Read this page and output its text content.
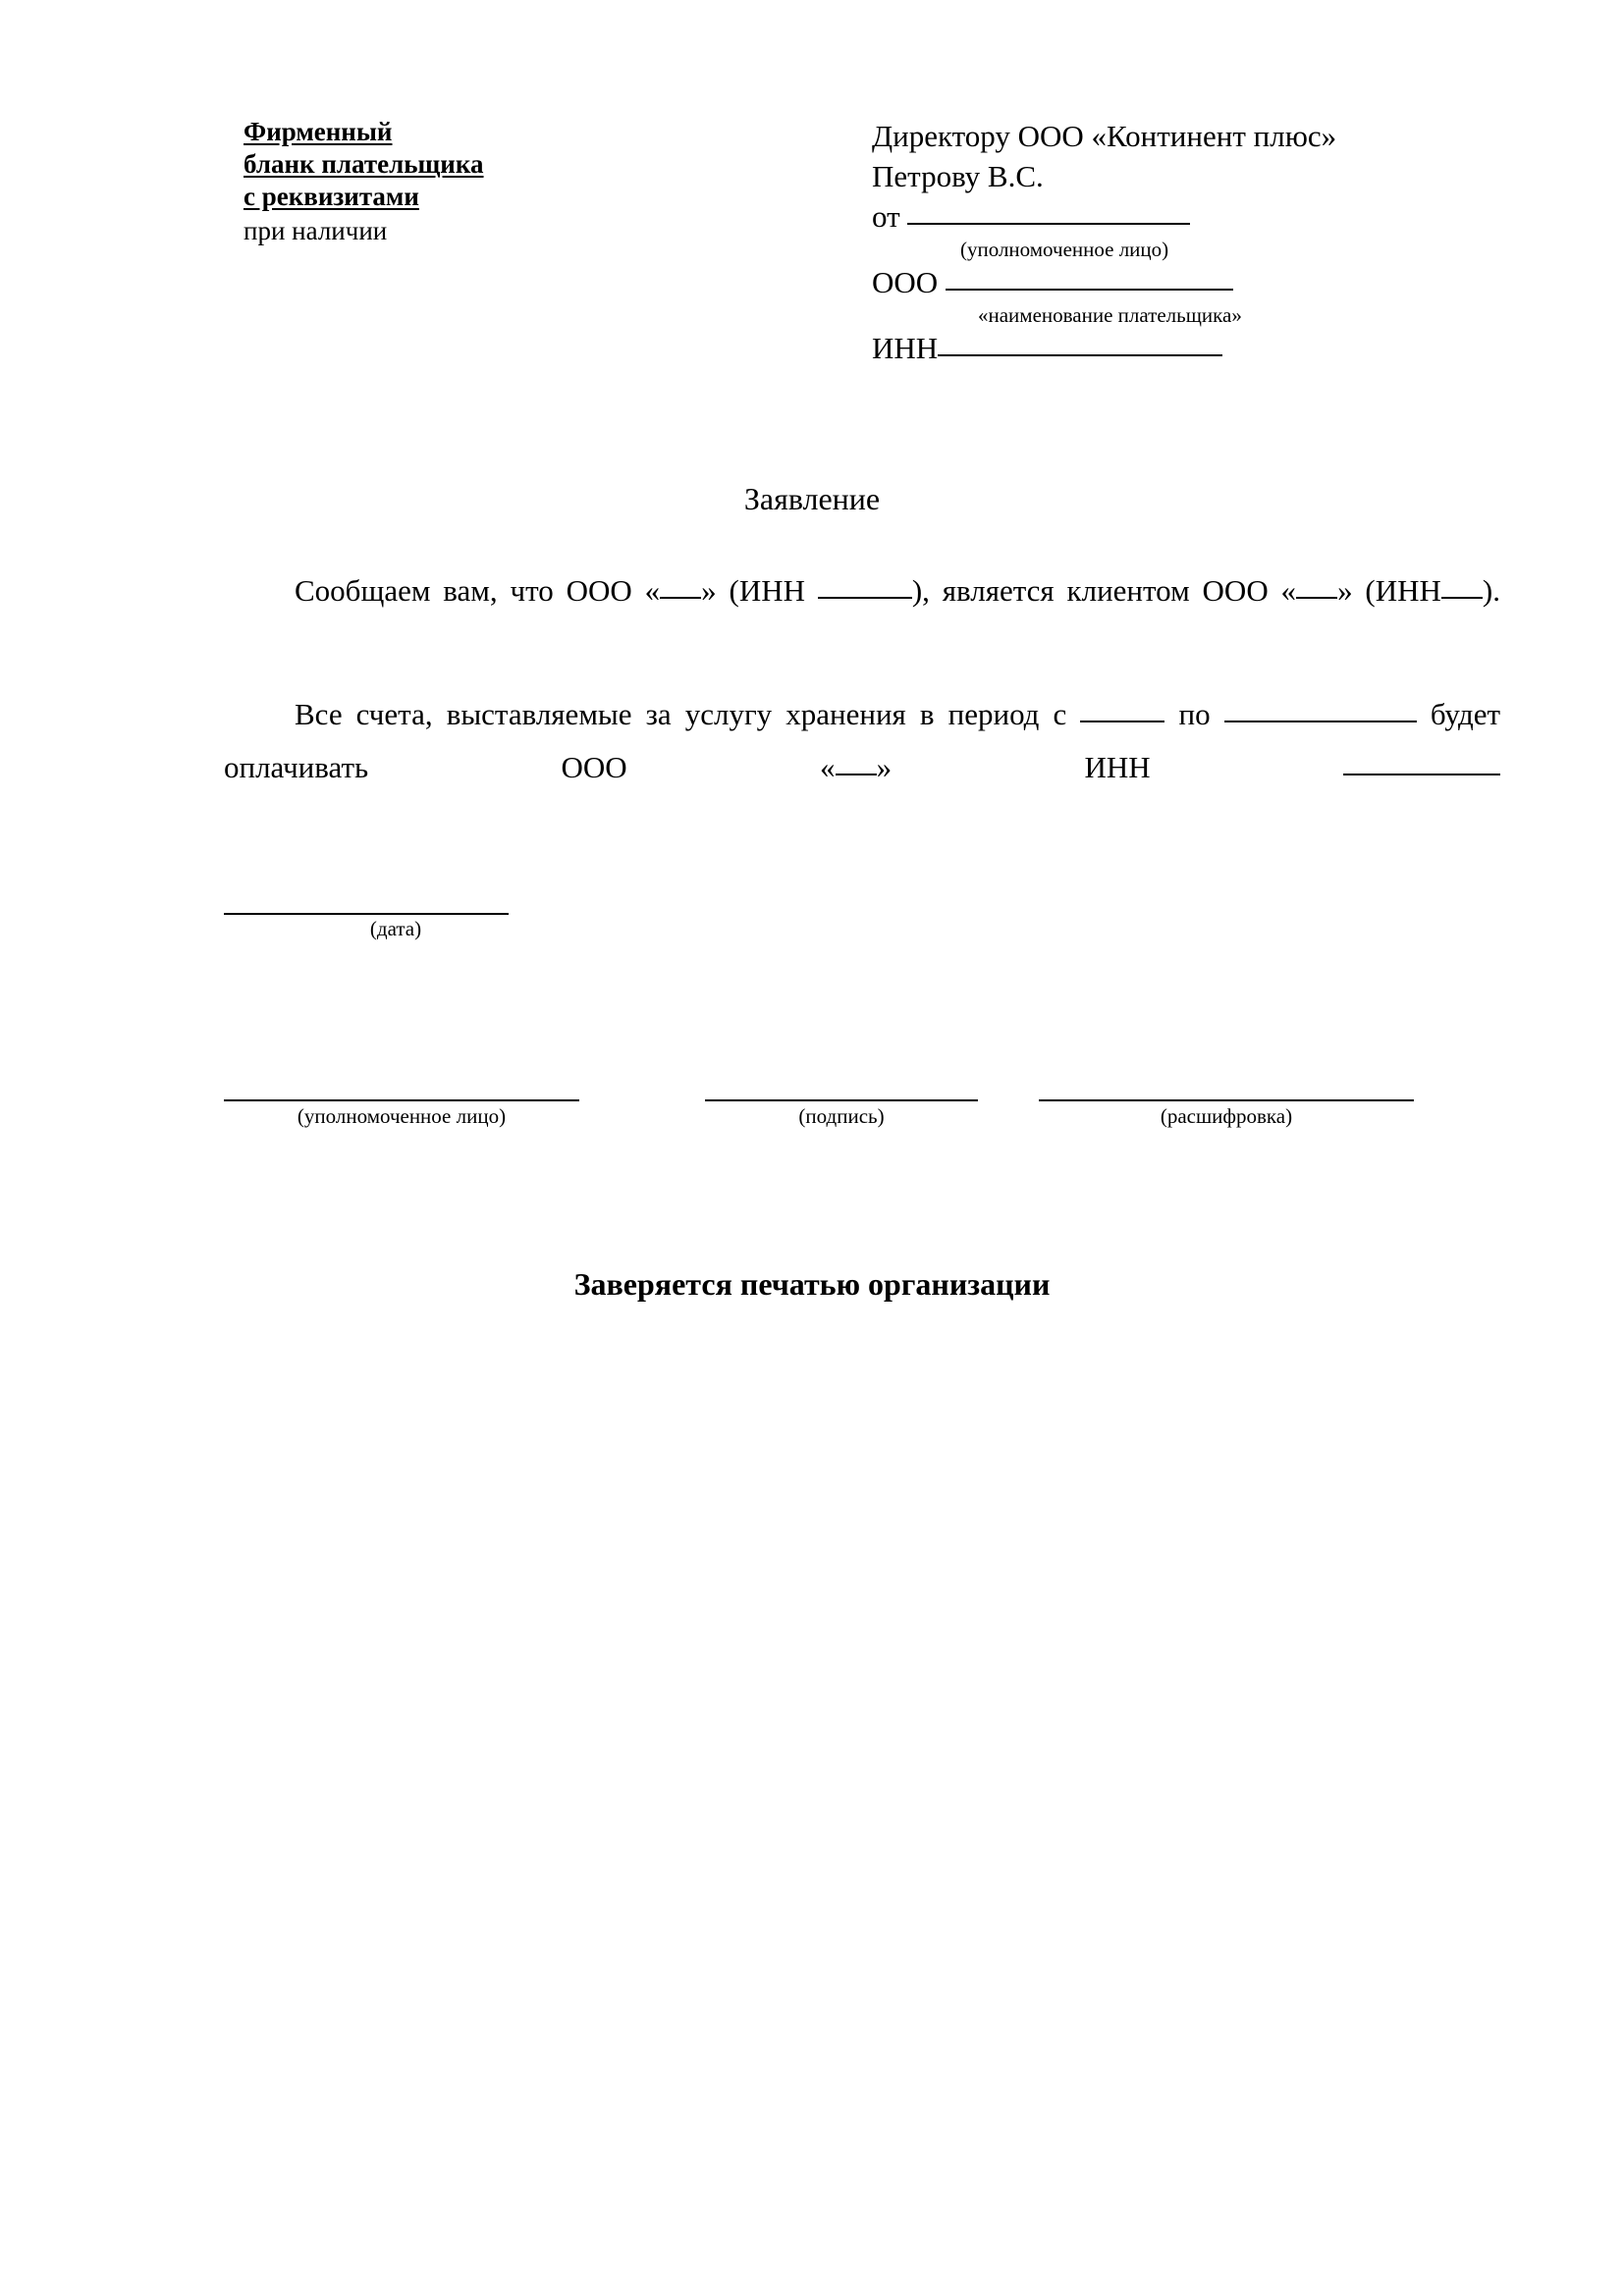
Фирменный
бланк плательщика
с реквизитами
при наличии
Директору ООО «Континент плюс»
Петрову В.С.
от
(уполномоченное лицо)
ООО
«наименование плательщика»
ИНН
Заявление

Сообщаем вам, что ООО « » (ИНН	), является клиентом ООО « » (ИНН ).

Все счета, выставляемые за услугу хранения в период с	по	будет оплачивать ООО « » ИНН

(дата)
(уполномоченное лицо)	(подпись)	(расшифровка)
Заверяется печатью организации
